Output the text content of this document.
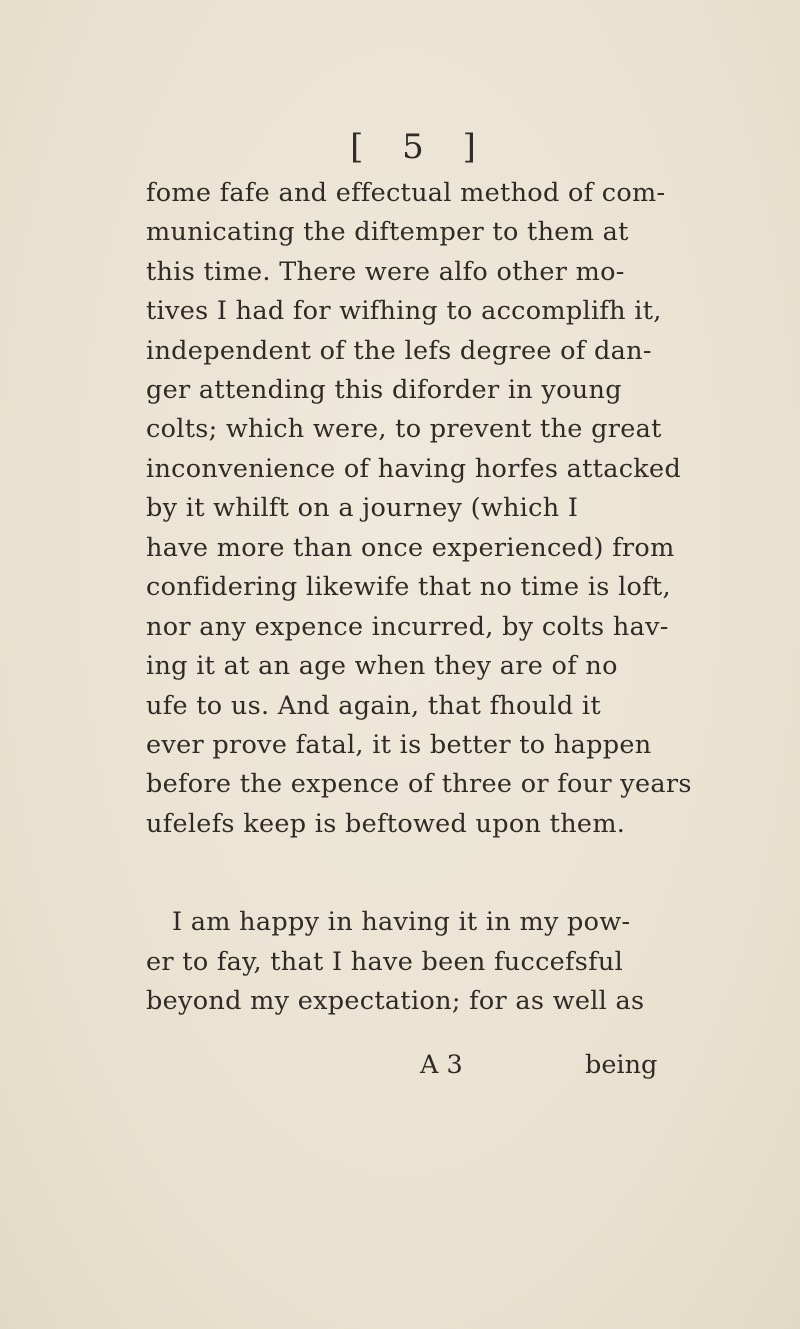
[ 5 ]
fome fafe and effectual method of com-
municating the diftemper to them at
this time. There were alfo other mo-
tives I had for wifhing to accomplifh it,
independent of the lefs degree of dan-
ger attending this diforder in young
colts; which were, to prevent the great
inconvenience of having horfes attacked
by it whilft on a journey (which I
have more than once experienced) from
confidering likewife that no time is loft,
nor any expence incurred, by colts hav-
ing it at an age when they are of no
ufe to us. And again, that fhould it
ever prove fatal, it is better to happen
before the expence of three or four years
ufelefs keep is beftowed upon them.
I am happy in having it in my pow-
er to fay, that I have been fuccefsful
beyond my expectation; for as well as
A 3	being
